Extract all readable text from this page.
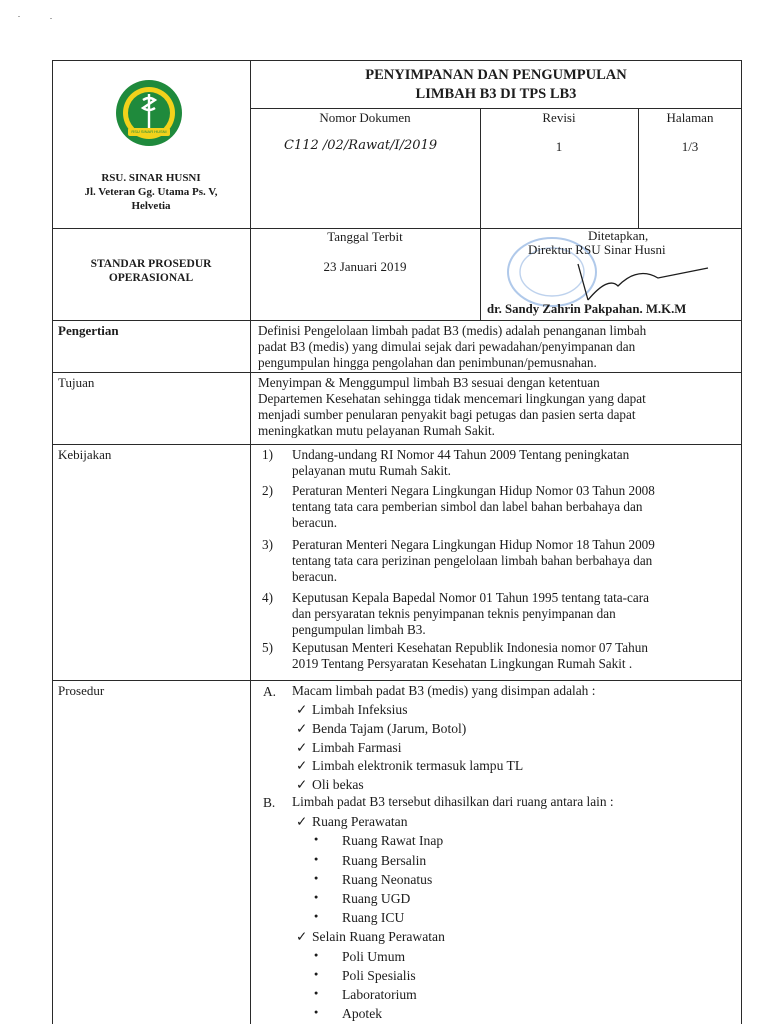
.	.
RSU SINAR HUSNI
RSU. SINAR HUSNI
Jl. Veteran Gg. Utama Ps. V,
Helvetia
PENYIMPANAN DAN PENGUMPULAN
LIMBAH B3 DI TPS LB3
Nomor Dokumen
C112 /02/Rawat/I/2019
Revisi
1
Halaman
1/3
STANDAR PROSEDUR
OPERASIONAL
Tanggal Terbit
23 Januari 2019
Ditetapkan,
Direktur RSU Sinar Husni
dr. Sandy Zahrin Pakpahan. M.K.M
Pengertian	Definisi Pengelolaan limbah padat B3 (medis) adalah penanganan limbah
padat B3 (medis) yang dimulai sejak dari pewadahan/penyimpanan dan
pengumpulan hingga pengolahan dan penimbunan/pemusnahan.
Tujuan	Menyimpan & Menggumpul limbah B3 sesuai dengan ketentuan
Departemen Kesehatan sehingga tidak mencemari lingkungan yang dapat
menjadi sumber penularan penyakit bagi petugas dan pasien serta dapat
meningkatkan mutu pelayanan Rumah Sakit.
Kebijakan	1) Undang-undang RI Nomor 44 Tahun 2009 Tentang peningkatan
pelayanan mutu Rumah Sakit.
2) Peraturan Menteri Negara Lingkungan Hidup Nomor 03 Tahun 2008
tentang tata cara pemberian simbol dan label bahan berbahaya dan
beracun.
3) Peraturan Menteri Negara Lingkungan Hidup Nomor 18 Tahun 2009
tentang tata cara perizinan pengelolaan limbah bahan berbahaya dan
beracun.
4) Keputusan Kepala Bapedal Nomor 01 Tahun 1995 tentang tata-cara
dan persyaratan teknis penyimpanan teknis penyimpanan dan
pengumpulan limbah B3.
5) Keputusan Menteri Kesehatan Republik Indonesia nomor 07 Tahun
2019 Tentang Persyaratan Kesehatan Lingkungan Rumah Sakit .
Prosedur	A. Macam limbah padat B3 (medis) yang disimpan adalah :
✓ Limbah Infeksius
✓ Benda Tajam (Jarum, Botol)
✓ Limbah Farmasi
✓ Limbah elektronik termasuk lampu TL
✓ Oli bekas
B. Limbah padat B3 tersebut dihasilkan dari ruang antara lain :
✓ Ruang Perawatan
● Ruang Rawat Inap
● Ruang Bersalin
● Ruang Neonatus
● Ruang UGD
● Ruang ICU
✓ Selain Ruang Perawatan
● Poli Umum
● Poli Spesialis
● Laboratorium
● Apotek
